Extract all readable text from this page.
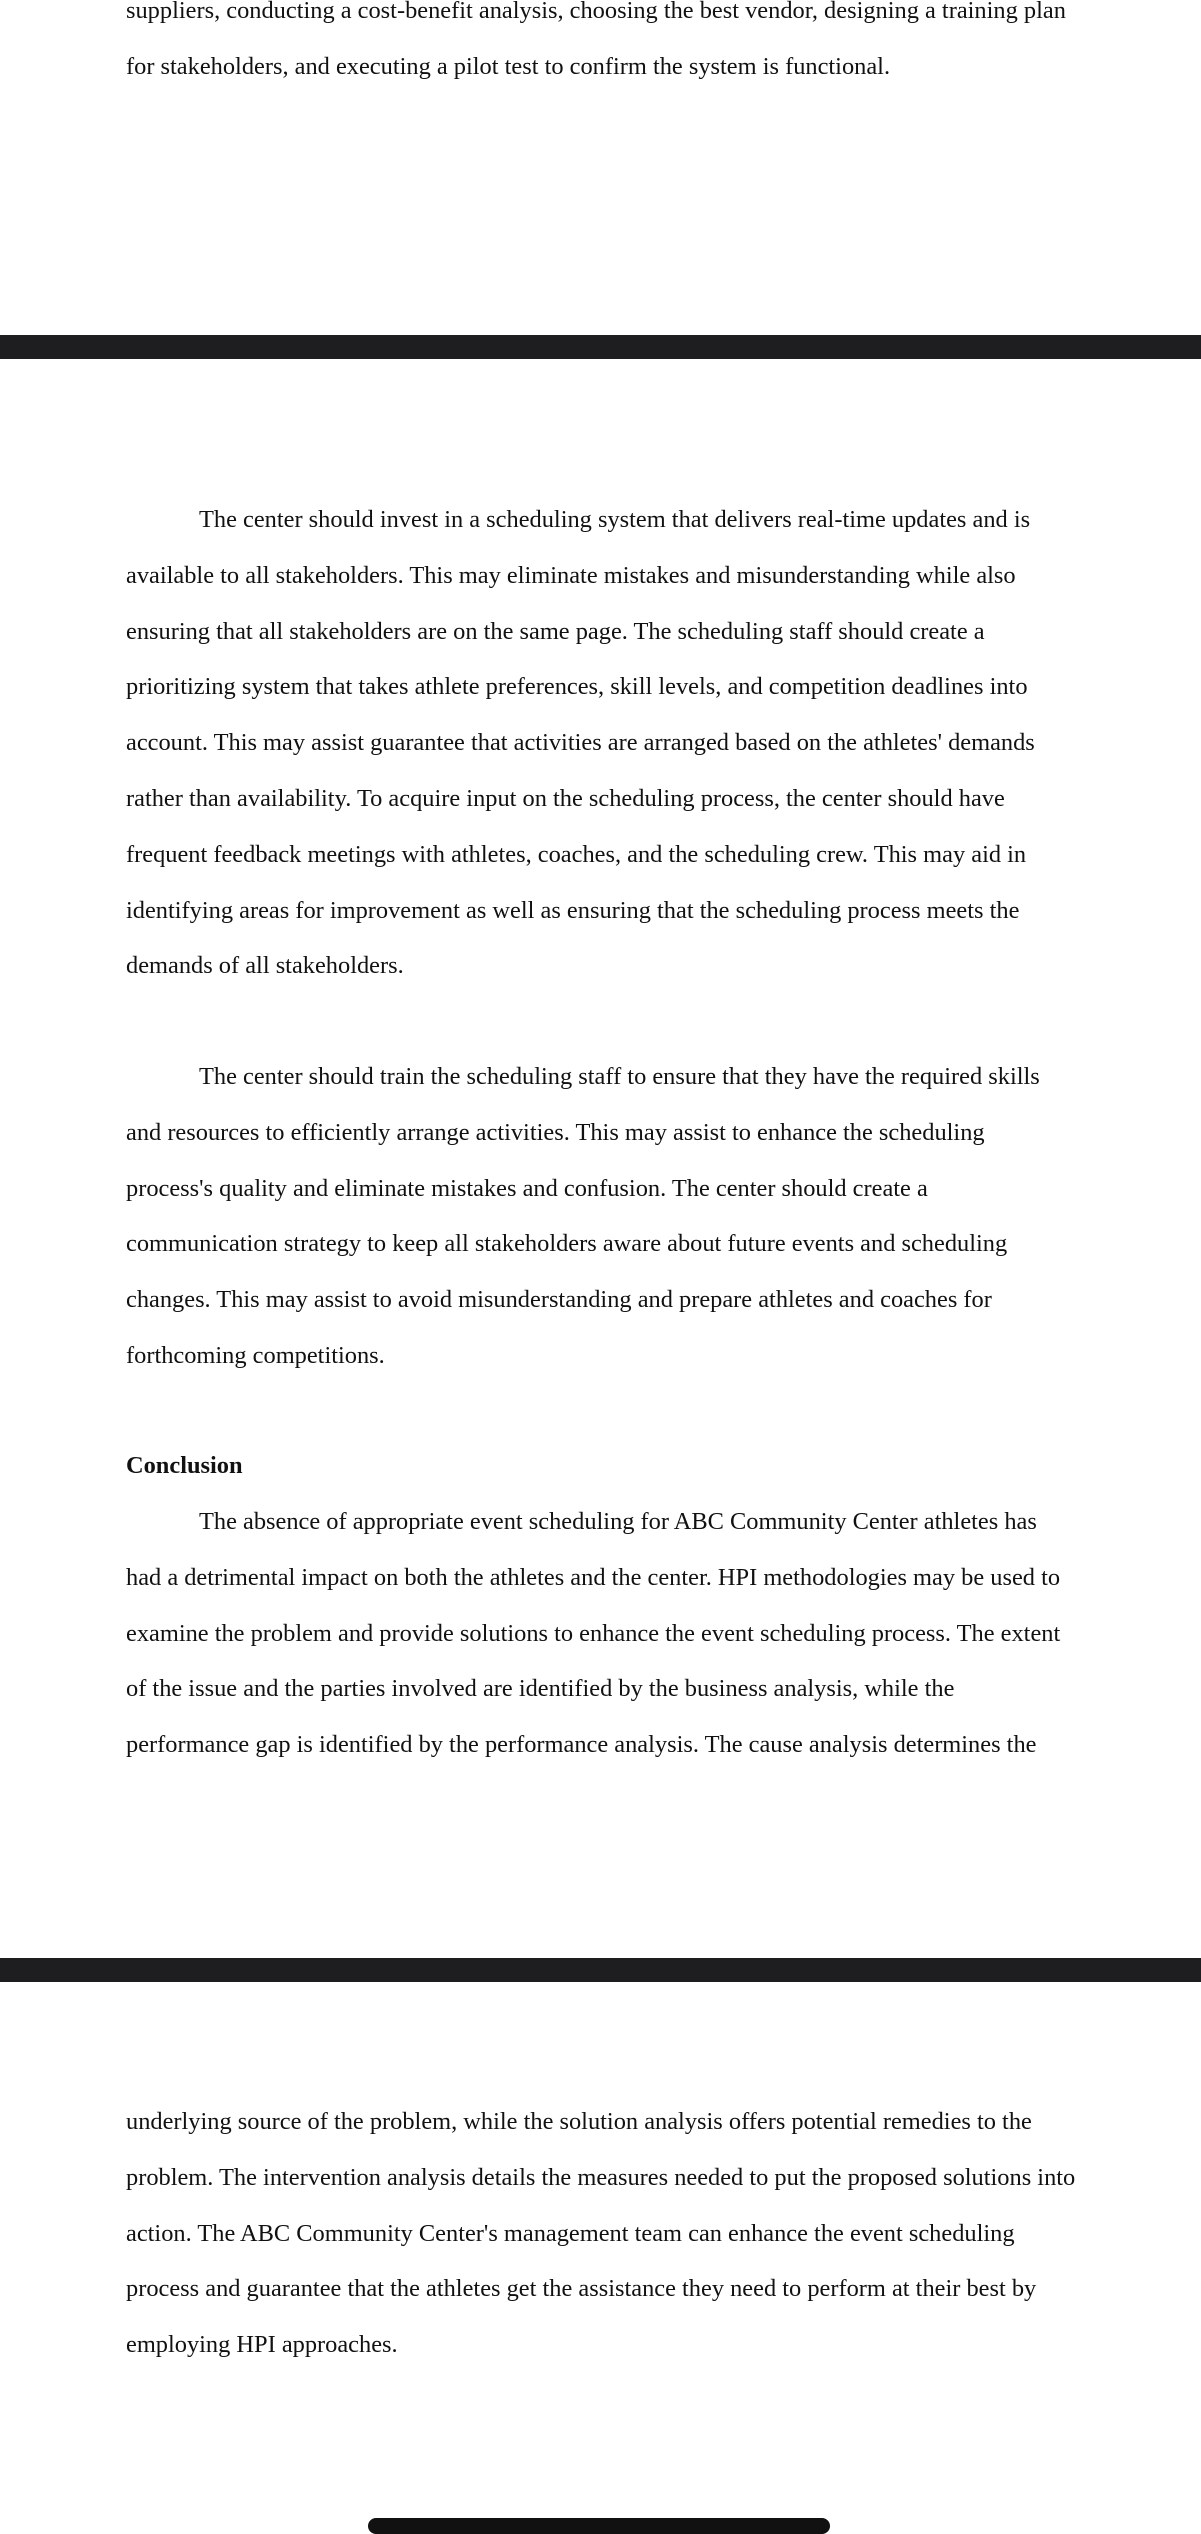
suppliers, conducting a cost-benefit analysis, choosing the best vendor, designing a training plan
for stakeholders, and executing a pilot test to confirm the system is functional.

The center should invest in a scheduling system that delivers real-time updates and is
available to all stakeholders. This may eliminate mistakes and misunderstanding while also
ensuring that all stakeholders are on the same page. The scheduling staff should create a
prioritizing system that takes athlete preferences, skill levels, and competition deadlines into
account. This may assist guarantee that activities are arranged based on the athletes' demands
rather than availability. To acquire input on the scheduling process, the center should have
frequent feedback meetings with athletes, coaches, and the scheduling crew. This may aid in
identifying areas for improvement as well as ensuring that the scheduling process meets the
demands of all stakeholders.

The center should train the scheduling staff to ensure that they have the required skills
and resources to efficiently arrange activities. This may assist to enhance the scheduling
process's quality and eliminate mistakes and confusion. The center should create a
communication strategy to keep all stakeholders aware about future events and scheduling
changes. This may assist to avoid misunderstanding and prepare athletes and coaches for
forthcoming competitions.

Conclusion

The absence of appropriate event scheduling for ABC Community Center athletes has
had a detrimental impact on both the athletes and the center. HPI methodologies may be used to
examine the problem and provide solutions to enhance the event scheduling process. The extent
of the issue and the parties involved are identified by the business analysis, while the
performance gap is identified by the performance analysis. The cause analysis determines the

underlying source of the problem, while the solution analysis offers potential remedies to the
problem. The intervention analysis details the measures needed to put the proposed solutions into
action. The ABC Community Center's management team can enhance the event scheduling
process and guarantee that the athletes get the assistance they need to perform at their best by
employing HPI approaches.
